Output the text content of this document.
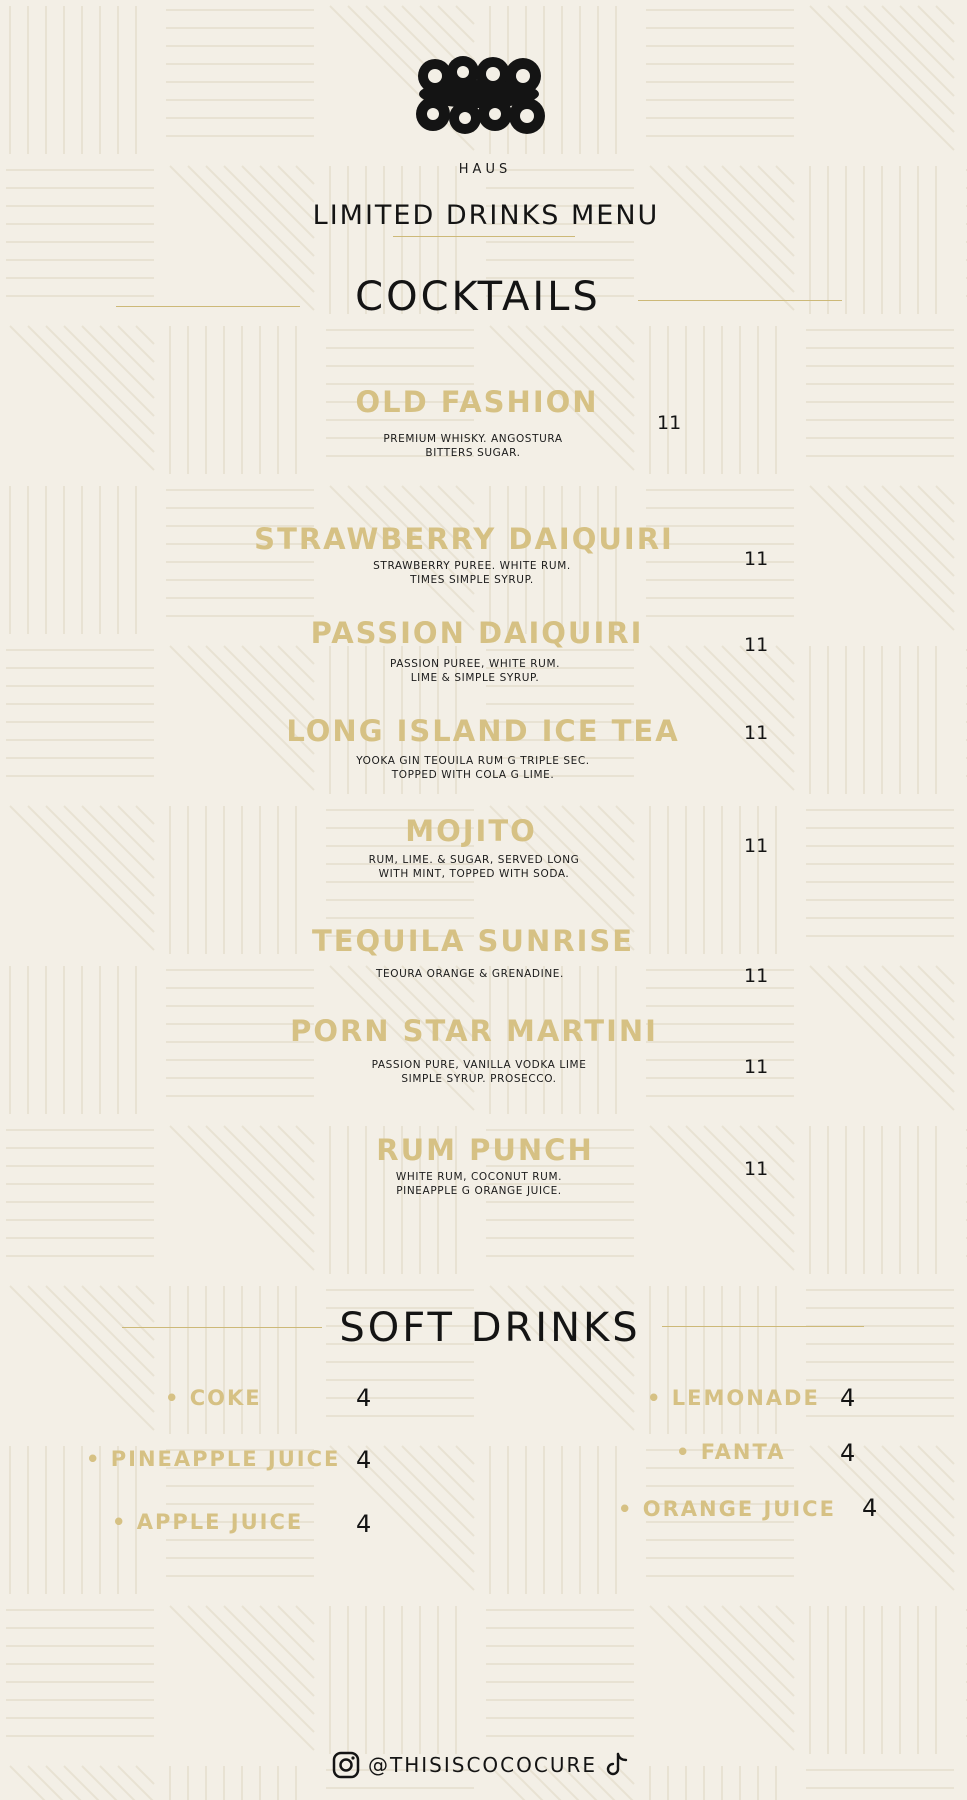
HAUS
LIMITED DRINKS MENU
COCKTAILS
OLD FASHION
PREMIUM WHISKY. ANGOSTURA
BITTERS SUGAR.
11
STRAWBERRY DAIQUIRI
STRAWBERRY PUREE. WHITE RUM.
TIMES SIMPLE SYRUP.
11
PASSION DAIQUIRI
PASSION PUREE, WHITE RUM.
LIME & SIMPLE SYRUP.
11
LONG ISLAND ICE TEA
YOOKA GIN TEOUILA RUM G TRIPLE SEC.
TOPPED WITH COLA G LIME.
11
MOJITO
RUM, LIME. & SUGAR, SERVED LONG
WITH MINT, TOPPED WITH SODA.
11
TEQUILA SUNRISE
TEOURA ORANGE & GRENADINE.	11
PORN STAR MARTINI
PASSION PURE, VANILLA VODKA LIME
SIMPLE SYRUP. PROSECCO.
11
RUM PUNCH
WHITE RUM, COCONUT RUM.
PINEAPPLE G ORANGE JUICE.
11
SOFT DRINKS
• COKE	4
• PINEAPPLE JUICE 4
• APPLE JUICE 4
• LEMONADE 4
• FANTA 4
• ORANGE JUICE 4
@THISISCOCOCURE
